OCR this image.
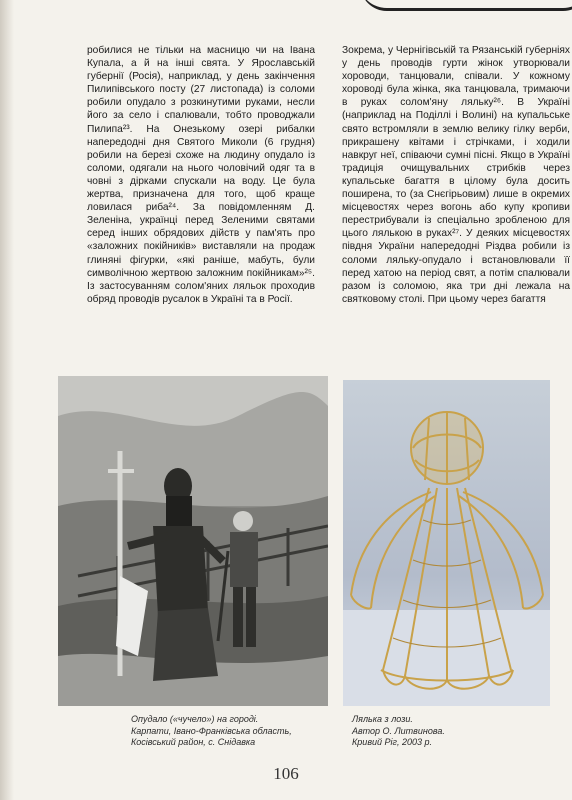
робилися не тільки на масницю чи на Івана Купала, а й на інші свята. У Ярославській губернії (Росія), наприклад, у день закінчення Пилипівського посту (27 листопада) із соломи робили опудало з розкинутими руками, несли його за село і спалювали, тобто проводжали Пилипа²³. На Онезькому озері рибалки напередодні дня Святого Миколи (6 грудня) робили на березі схоже на людину опудало із соломи, одягали на нього чоловічий одяг та в човні з дірками спускали на воду. Це була жертва, призначена для того, щоб краще ловилася риба²⁴. За повідомленням Д. Зеленіна, українці перед Зеленими святами серед інших обрядових дійств у пам'ять про «заложних покійників» виставляли на продаж глиняні фігурки, «які раніше, мабуть, були символічною жертвою заложним покійникам»²⁵. Із застосуванням солом'яних ляльок проходив обряд проводів русалок в Україні та в Росії.

Зокрема, у Чернігівській та Рязанській губерніях у день проводів гурти жінок утворювали хороводи, танцювали, співали. У кожному хороводі була жінка, яка танцювала, тримаючи в руках солом'яну ляльку²⁶. В Україні (наприклад на Поділлі і Волині) на купальське свято встромляли в землю велику гілку верби, прикрашену квітами і стрічками, і ходили навкруг неї, співаючи сумні пісні. Якщо в Україні традиція очищувальних стрибків через купальське багаття в цілому була досить поширена, то (за Снєгірьовим) лише в окремих місцевостях через вогонь або купу кропиви перестрибували із спеціально зробленою для цього лялькою в руках²⁷. У деяких місцевостях півдня України напередодні Різдва робили із соломи ляльку-опудало і встановлювали її перед хатою на період свят, а потім спалювали разом із соломою, яка три дні лежала на святковому столі. При цьому через багаття

Опудало («чучело») на городі.
Карпати, Івано-Франківська область,
Косівський район, с. Снідавка
Лялька з лози.
Автор О. Литвинова.
Кривий Ріг, 2003 р.
106
